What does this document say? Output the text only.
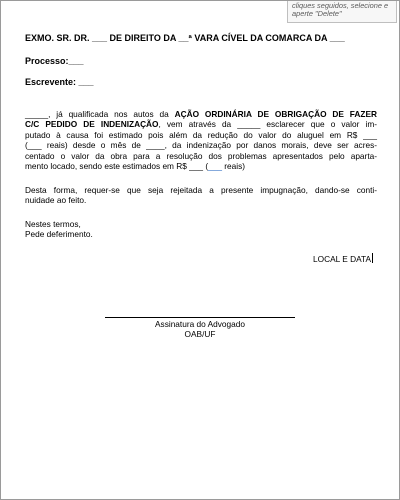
cliques seguidos, selecione e
aperte "Delete"
EXMO. SR. DR. ___ DE DIREITO DA __ª VARA CÍVEL DA COMARCA DA ___
Processo:___
Escrevente: ___
_____, já qualificada nos autos da AÇÃO ORDINÁRIA DE OBRIGAÇÃO DE FAZER
C/C PEDIDO DE INDENIZAÇÃO, vem através da _____ esclarecer que o valor im-
putado à causa foi estimado pois além da redução do valor do aluguel em R$ ___
(___ reais) desde o mês de ____, da indenização por danos morais, deve ser acres-
centado o valor da obra para a resolução dos problemas apresentados pelo aparta-
mento locado, sendo este estimados em R$ ___ (___ reais)
Desta forma, requer-se que seja rejeitada a presente impugnação, dando-se conti-
nuidade ao feito.
Nestes termos,
Pede deferimento.
LOCAL E DATA
Assinatura do Advogado
OAB/UF
